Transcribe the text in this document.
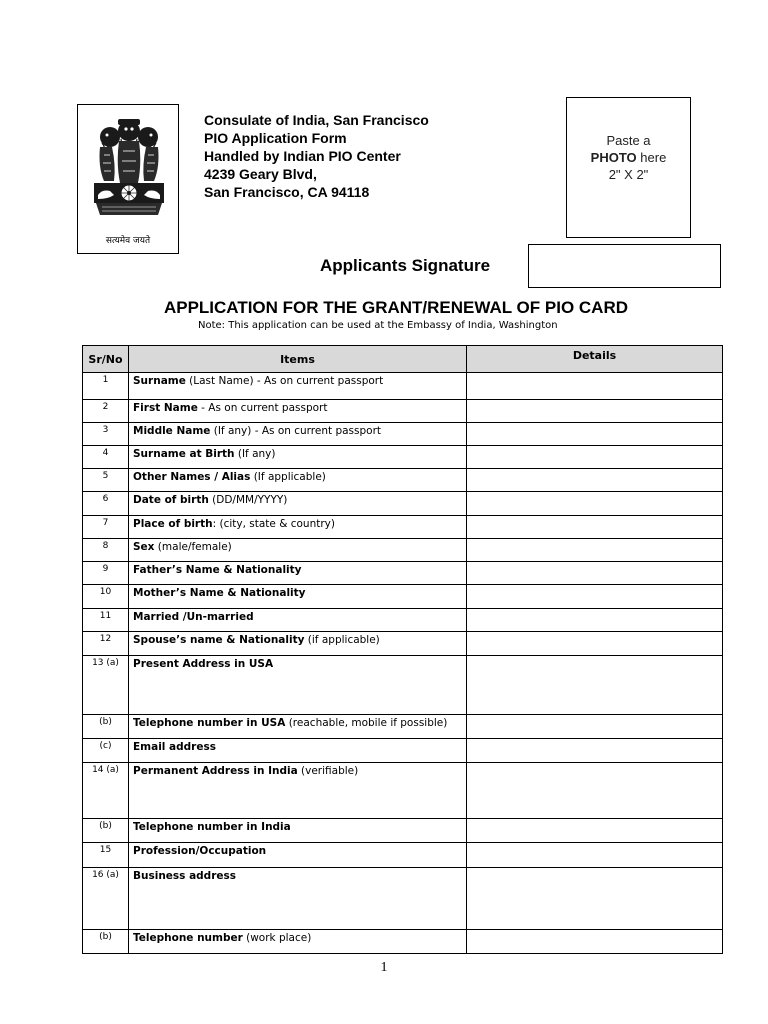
सत्यमेव जयते
Consulate of India, San Francisco
PIO Application Form
Handled by Indian PIO Center
4239 Geary Blvd,
San Francisco, CA 94118
Paste a
PHOTO here
2" X 2"
Applicants Signature
APPLICATION FOR THE GRANT/RENEWAL OF PIO CARD
Note: This application can be used at the Embassy of India, Washington
Sr/No	Items	Details
1	Surname (Last Name) - As on current passport	
2	First Name - As on current passport	
3	Middle Name (If any) - As on current passport	
4	Surname at Birth (If any)	
5	Other Names / Alias (If applicable)	
6	Date of birth (DD/MM/YYYY)	
7	Place of birth: (city, state & country)	
8	Sex (male/female)	
9	Father’s Name & Nationality	
10	Mother’s Name & Nationality	
11	Married /Un-married	
12	Spouse’s name & Nationality (if applicable)	
13 (a)	Present Address in USA	
(b)	Telephone number in USA (reachable, mobile if possible)	
(c)	Email address	
14 (a)	Permanent Address in India (verifiable)	
(b)	Telephone number in India	
15	Profession/Occupation	
16 (a)	Business address	
(b)	Telephone number (work place)	
1
